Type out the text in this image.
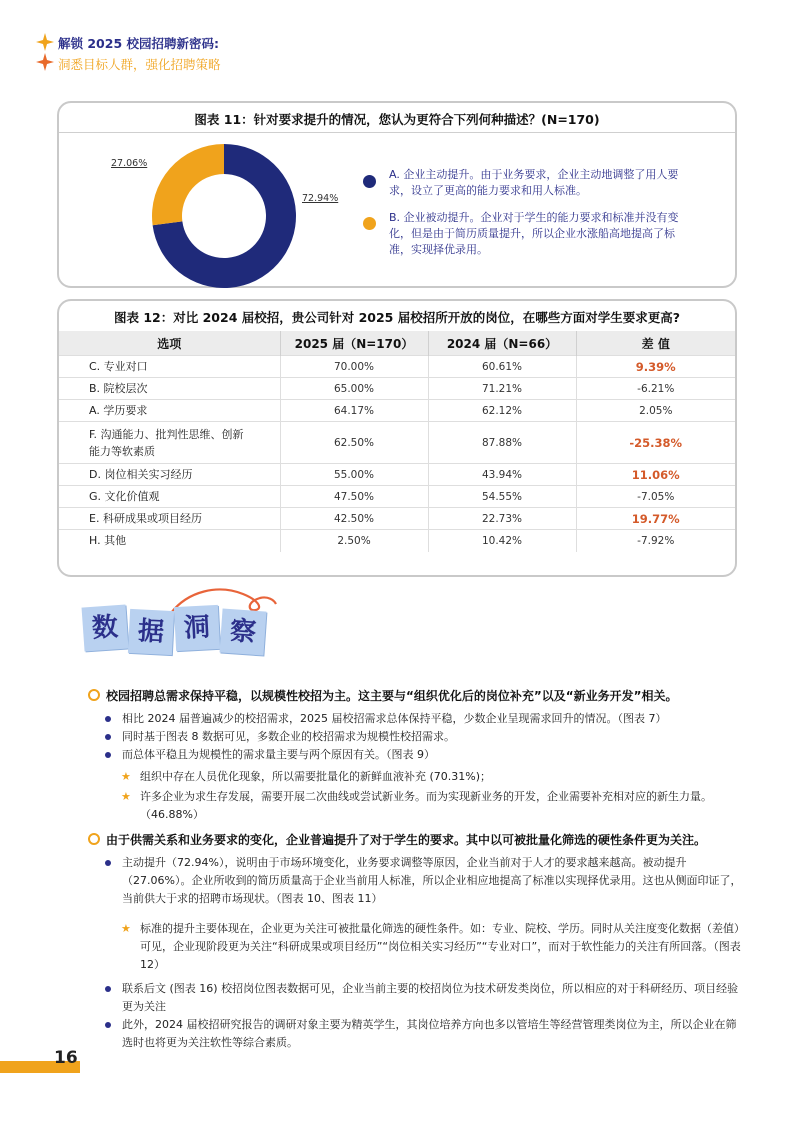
解锁 2025 校园招聘新密码:
洞悉目标人群，强化招聘策略
图表 11：针对要求提升的情况，您认为更符合下列何种描述？(N=170)
27.06%
72.94%
A. 企业主动提升。由于业务要求，企业主动地调整了用人要求，设立了更高的能力要求和用人标准。
B. 企业被动提升。企业对于学生的能力要求和标准并没有变化，但是由于简历质量提升，所以企业水涨船高地提高了标准，实现择优录用。
图表 12：对比 2024 届校招，贵公司针对 2025 届校招所开放的岗位，在哪些方面对学生要求更高?
选项	2025 届（N=170）	2024 届（N=66）	差 值
C. 专业对口	70.00%	60.61%	9.39%
B. 院校层次	65.00%	71.21%	-6.21%
A. 学历要求	64.17%	62.12%	2.05%
F. 沟通能力、批判性思维、创新能力等软素质	62.50%	87.88%	-25.38%
D. 岗位相关实习经历	55.00%	43.94%	11.06%
G. 文化价值观	47.50%	54.55%	-7.05%
E. 科研成果或项目经历	42.50%	22.73%	19.77%
H. 其他	2.50%	10.42%	-7.92%
数 据 洞 察
校园招聘总需求保持平稳，以规模性校招为主。这主要与“组织优化后的岗位补充”以及“新业务开发”相关。

相比 2024 届普遍减少的校招需求，2025 届校招需求总体保持平稳，少数企业呈现需求回升的情况。（图表 7）

同时基于图表 8 数据可见，多数企业的校招需求为规模性校招需求。

而总体平稳且为规模性的需求量主要与两个原因有关。（图表 9）

★ 组织中存在人员优化现象，所以需要批量化的新鲜血液补充 (70.31%)；

★ 许多企业为求生存发展，需要开展二次曲线或尝试新业务。而为实现新业务的开发，企业需要补充相对应的新生力量。（46.88%）

由于供需关系和业务要求的变化，企业普遍提升了对于学生的要求。其中以可被批量化筛选的硬性条件更为关注。

主动提升（72.94%），说明由于市场环境变化，业务要求调整等原因，企业当前对于人才的要求越来越高。被动提升（27.06%）。企业所收到的简历质量高于企业当前用人标准，所以企业相应地提高了标准以实现择优录用。这也从侧面印证了，当前供大于求的招聘市场现状。（图表 10、图表 11）

★ 标准的提升主要体现在，企业更为关注可被批量化筛选的硬性条件。如：专业、院校、学历。同时从关注度变化数据（差值）可见，企业现阶段更为关注“科研成果或项目经历”“岗位相关实习经历”“专业对口”，而对于软性能力的关注有所回落。（图表 12）

联系后文 (图表 16) 校招岗位图表数据可见，企业当前主要的校招岗位为技术研发类岗位，所以相应的对于科研经历、项目经验更为关注

此外，2024 届校招研究报告的调研对象主要为精英学生，其岗位培养方向也多以管培生等经营管理类岗位为主，所以企业在筛选时也将更为关注软性等综合素质。

16
